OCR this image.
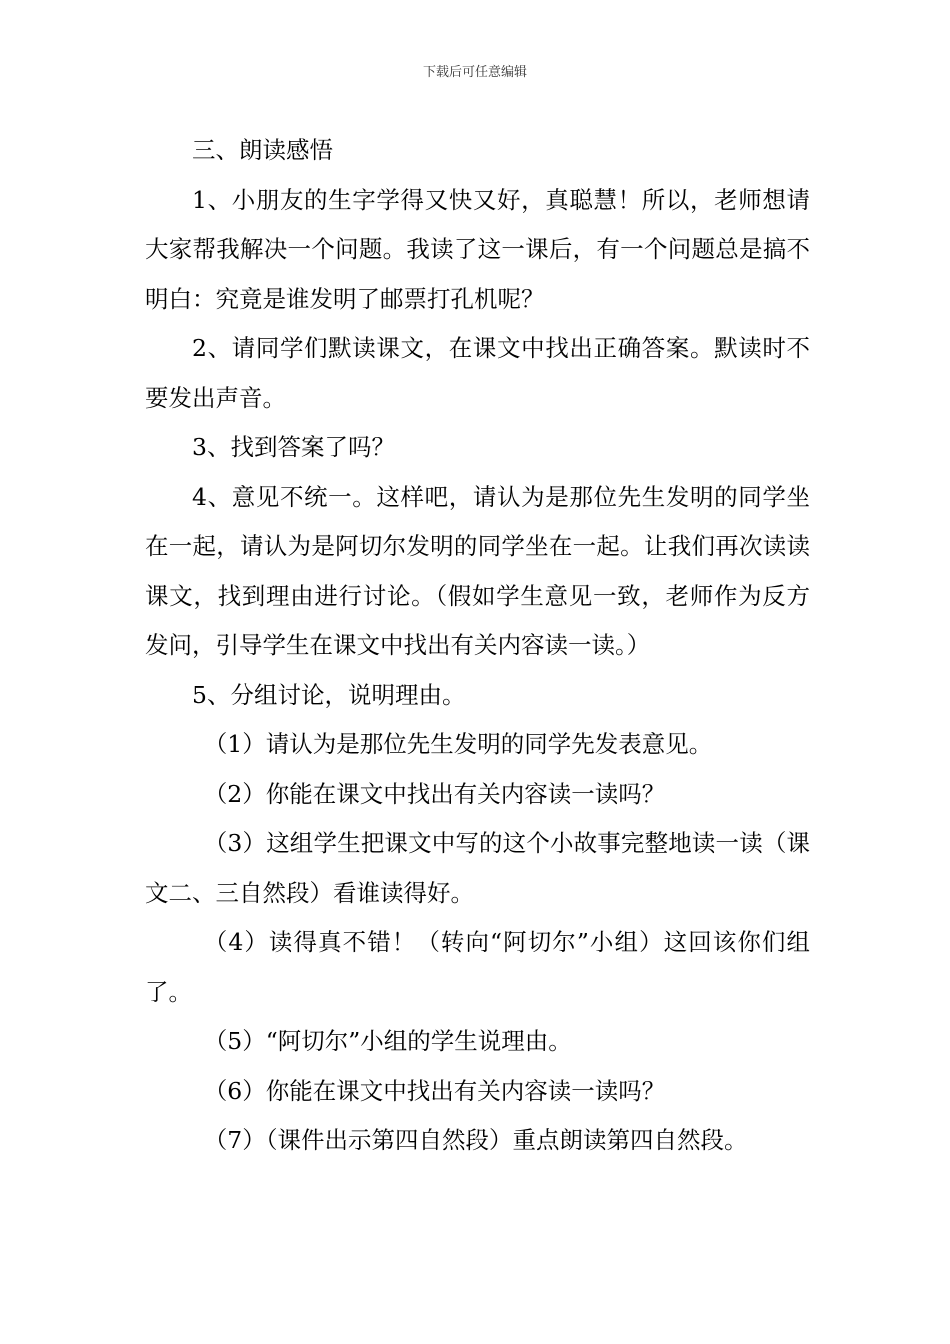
下载后可任意编辑

三、朗读感悟

1、小朋友的生字学得又快又好，真聪慧！所以，老师想请大家帮我解决一个问题。我读了这一课后，有一个问题总是搞不明白：究竟是谁发明了邮票打孔机呢？

2、请同学们默读课文，在课文中找出正确答案。默读时不要发出声音。

3、找到答案了吗？

4、意见不统一。这样吧，请认为是那位先生发明的同学坐在一起，请认为是阿切尔发明的同学坐在一起。让我们再次读读课文，找到理由进行讨论。（假如学生意见一致，老师作为反方发问，引导学生在课文中找出有关内容读一读。）

5、分组讨论，说明理由。

（1）请认为是那位先生发明的同学先发表意见。

（2）你能在课文中找出有关内容读一读吗？

（3）这组学生把课文中写的这个小故事完整地读一读（课文二、三自然段）看谁读得好。

（4）读得真不错！（转向“阿切尔”小组）这回该你们组了。

（5）“阿切尔”小组的学生说理由。

（6）你能在课文中找出有关内容读一读吗？

（7）（课件出示第四自然段）重点朗读第四自然段。
